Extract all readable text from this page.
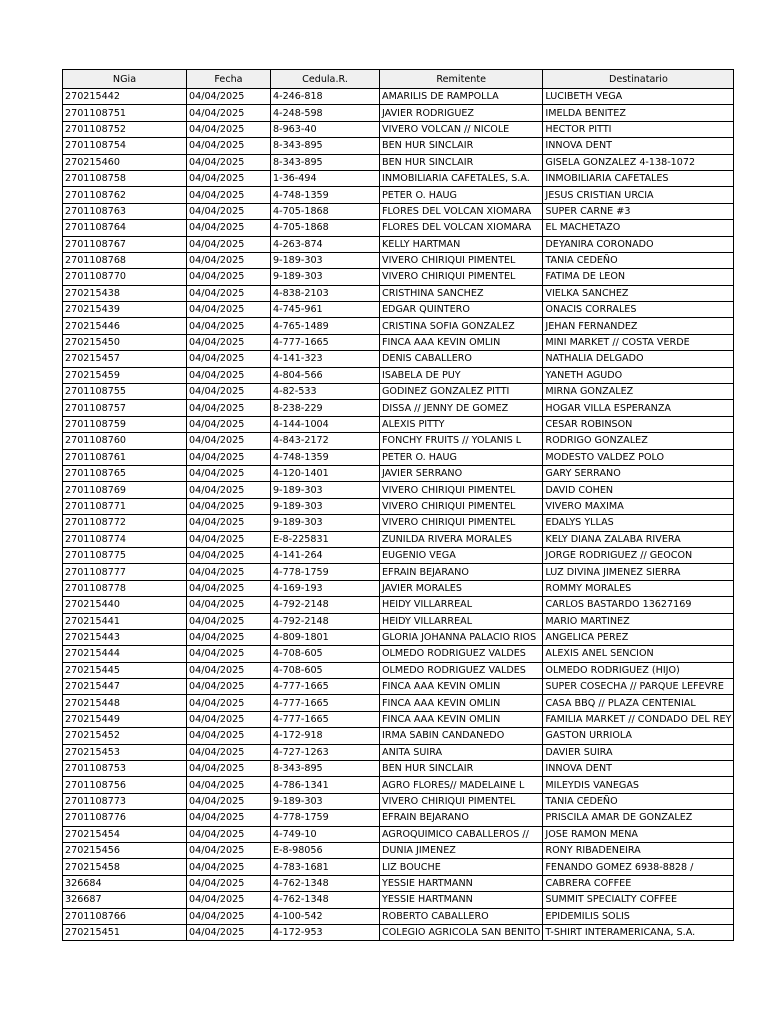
NGia	Fecha	Cedula.R.	Remitente	Destinatario
270215442	04/04/2025	4-246-818	AMARILIS DE RAMPOLLA	LUCIBETH VEGA
2701108751	04/04/2025	4-248-598	JAVIER RODRIGUEZ	IMELDA BENITEZ
2701108752	04/04/2025	8-963-40	VIVERO VOLCAN // NICOLE	HECTOR PITTI
2701108754	04/04/2025	8-343-895	BEN HUR SINCLAIR	INNOVA DENT
270215460	04/04/2025	8-343-895	BEN HUR SINCLAIR	GISELA GONZALEZ 4-138-1072
2701108758	04/04/2025	1-36-494	INMOBILIARIA CAFETALES, S.A.	INMOBILIARIA CAFETALES
2701108762	04/04/2025	4-748-1359	PETER O. HAUG	JESUS CRISTIAN URCIA
2701108763	04/04/2025	4-705-1868	FLORES DEL VOLCAN XIOMARA	SUPER CARNE #3
2701108764	04/04/2025	4-705-1868	FLORES DEL VOLCAN XIOMARA	EL MACHETAZO
2701108767	04/04/2025	4-263-874	KELLY HARTMAN	DEYANIRA CORONADO
2701108768	04/04/2025	9-189-303	VIVERO CHIRIQUI PIMENTEL	TANIA CEDEÑO
2701108770	04/04/2025	9-189-303	VIVERO CHIRIQUI PIMENTEL	FATIMA DE LEON
270215438	04/04/2025	4-838-2103	CRISTHINA SANCHEZ	VIELKA SANCHEZ
270215439	04/04/2025	4-745-961	EDGAR QUINTERO	ONACIS CORRALES
270215446	04/04/2025	4-765-1489	CRISTINA SOFIA GONZALEZ	JEHAN FERNANDEZ
270215450	04/04/2025	4-777-1665	FINCA AAA KEVIN OMLIN	MINI MARKET // COSTA VERDE
270215457	04/04/2025	4-141-323	DENIS CABALLERO	NATHALIA DELGADO
270215459	04/04/2025	4-804-566	ISABELA DE PUY	YANETH AGUDO
2701108755	04/04/2025	4-82-533	GODINEZ GONZALEZ PITTI	MIRNA GONZALEZ
2701108757	04/04/2025	8-238-229	DISSA // JENNY DE GOMEZ	HOGAR VILLA ESPERANZA
2701108759	04/04/2025	4-144-1004	ALEXIS PITTY	CESAR ROBINSON
2701108760	04/04/2025	4-843-2172	FONCHY FRUITS // YOLANIS L	RODRIGO GONZALEZ
2701108761	04/04/2025	4-748-1359	PETER O. HAUG	MODESTO VALDEZ POLO
2701108765	04/04/2025	4-120-1401	JAVIER SERRANO	GARY SERRANO
2701108769	04/04/2025	9-189-303	VIVERO CHIRIQUI PIMENTEL	DAVID COHEN
2701108771	04/04/2025	9-189-303	VIVERO CHIRIQUI PIMENTEL	VIVERO MAXIMA
2701108772	04/04/2025	9-189-303	VIVERO CHIRIQUI PIMENTEL	EDALYS YLLAS
2701108774	04/04/2025	E-8-225831	ZUNILDA RIVERA MORALES	KELY DIANA ZALABA RIVERA
2701108775	04/04/2025	4-141-264	EUGENIO VEGA	JORGE RODRIGUEZ // GEOCON
2701108777	04/04/2025	4-778-1759	EFRAIN BEJARANO	LUZ DIVINA JIMENEZ SIERRA
2701108778	04/04/2025	4-169-193	JAVIER MORALES	ROMMY MORALES
270215440	04/04/2025	4-792-2148	HEIDY VILLARREAL	CARLOS BASTARDO 13627169
270215441	04/04/2025	4-792-2148	HEIDY VILLARREAL	MARIO MARTINEZ
270215443	04/04/2025	4-809-1801	GLORIA JOHANNA PALACIO RIOS	ANGELICA PEREZ
270215444	04/04/2025	4-708-605	OLMEDO RODRIGUEZ VALDES	ALEXIS ANEL SENCION
270215445	04/04/2025	4-708-605	OLMEDO RODRIGUEZ VALDES	OLMEDO RODRIGUEZ (HIJO)
270215447	04/04/2025	4-777-1665	FINCA AAA KEVIN OMLIN	SUPER COSECHA // PARQUE LEFEVRE
270215448	04/04/2025	4-777-1665	FINCA AAA KEVIN OMLIN	CASA BBQ // PLAZA CENTENIAL
270215449	04/04/2025	4-777-1665	FINCA AAA KEVIN OMLIN	FAMILIA MARKET // CONDADO DEL REY
270215452	04/04/2025	4-172-918	IRMA SABIN CANDANEDO	GASTON URRIOLA
270215453	04/04/2025	4-727-1263	ANITA SUIRA	DAVIER SUIRA
2701108753	04/04/2025	8-343-895	BEN HUR SINCLAIR	INNOVA DENT
2701108756	04/04/2025	4-786-1341	AGRO FLORES// MADELAINE L	MILEYDIS VANEGAS
2701108773	04/04/2025	9-189-303	VIVERO CHIRIQUI PIMENTEL	TANIA CEDEÑO
2701108776	04/04/2025	4-778-1759	EFRAIN BEJARANO	PRISCILA AMAR DE GONZALEZ
270215454	04/04/2025	4-749-10	AGROQUIMICO CABALLEROS //	JOSE RAMON MENA
270215456	04/04/2025	E-8-98056	DUNIA JIMENEZ	RONY RIBADENEIRA
270215458	04/04/2025	4-783-1681	LIZ BOUCHE	FENANDO GOMEZ 6938-8828 /
326684	04/04/2025	4-762-1348	YESSIE HARTMANN	CABRERA COFFEE
326687	04/04/2025	4-762-1348	YESSIE HARTMANN	SUMMIT SPECIALTY COFFEE
2701108766	04/04/2025	4-100-542	ROBERTO CABALLERO	EPIDEMILIS SOLIS
270215451	04/04/2025	4-172-953	COLEGIO AGRICOLA SAN BENITO	T-SHIRT INTERAMERICANA, S.A.
